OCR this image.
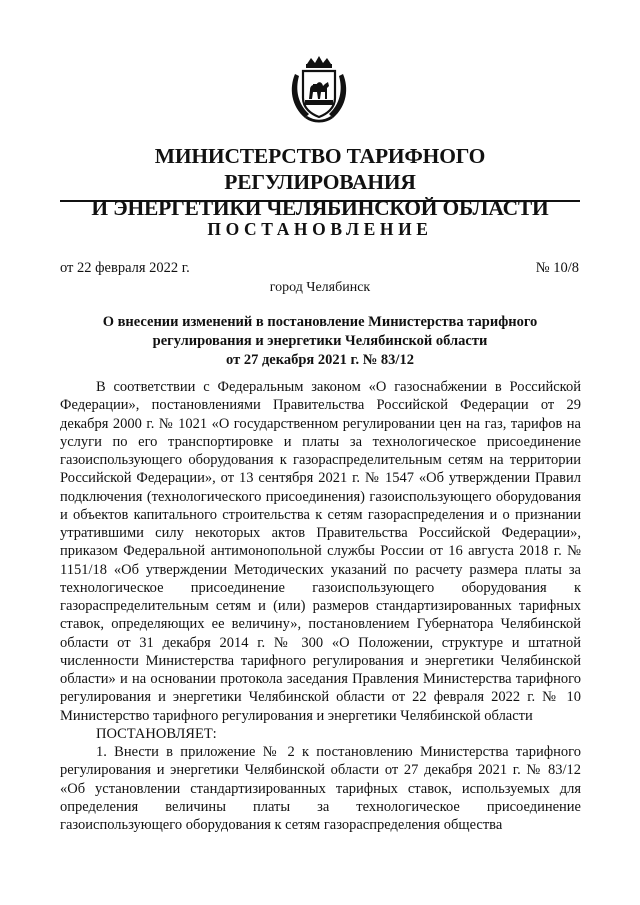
МИНИСТЕРСТВО ТАРИФНОГО РЕГУЛИРОВАНИЯ
И ЭНЕРГЕТИКИ ЧЕЛЯБИНСКОЙ ОБЛАСТИ
ПОСТАНОВЛЕНИЕ
от 22 февраля 2022 г.	№ 10/8
город Челябинск
О внесении изменений в постановление Министерства тарифного
регулирования и энергетики Челябинской области
от 27 декабря 2021 г. № 83/12

В соответствии с Федеральным законом «О газоснабжении в Российской Федерации», постановлениями Правительства Российской Федерации от 29 декабря 2000 г. № 1021 «О государственном регулировании цен на газ, тарифов на услуги по его транспортировке и платы за технологическое присоединение газоиспользующего оборудования к газораспределительным сетям на территории Российской Федерации», от 13 сентября 2021 г. № 1547 «Об утверждении Правил подключения (технологического присоединения) газоиспользующего оборудования и объектов капитального строительства к сетям газораспределения и о признании утратившими силу некоторых актов Правительства Российской Федерации», приказом Федеральной антимонопольной службы России от 16 августа 2018 г. № 1151/18 «Об утверждении Методических указаний по расчету размера платы за технологическое присоединение газоиспользующего оборудования к газораспределительным сетям и (или) размеров стандартизированных тарифных ставок, определяющих ее величину», постановлением Губернатора Челябинской области от 31 декабря 2014 г. № 300 «О Положении, структуре и штатной численности Министерства тарифного регулирования и энергетики Челябинской области» и на основании протокола заседания Правления Министерства тарифного регулирования и энергетики Челябинской области от 22 февраля 2022 г. № 10 Министерство тарифного регулирования и энергетики Челябинской области

ПОСТАНОВЛЯЕТ:

1. Внести в приложение № 2 к постановлению Министерства тарифного регулирования и энергетики Челябинской области от 27 декабря 2021 г. № 83/12 «Об установлении стандартизированных тарифных ставок, используемых для определения величины платы за технологическое присоединение газоиспользующего оборудования к сетям газораспределения общества
